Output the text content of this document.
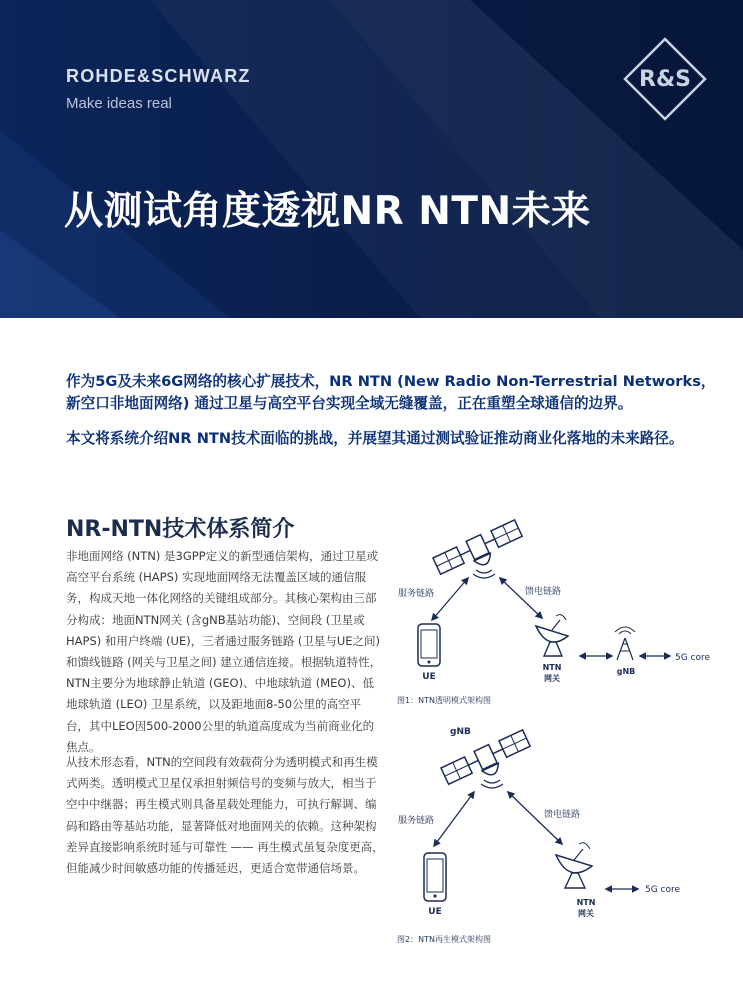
ROHDE&SCHWARZ
Make ideas real
R&S
从测试角度透视NR NTN未来

作为5G及未来6G网络的核心扩展技术，NR NTN (New Radio Non-Terrestrial Networks，新空口非地面网络) 通过卫星与高空平台实现全域无缝覆盖，正在重塑全球通信的边界。

本文将系统介绍NR NTN技术面临的挑战，并展望其通过测试验证推动商业化落地的未来路径。

NR-NTN技术体系简介

非地面网络 (NTN) 是3GPP定义的新型通信架构，通过卫星或高空平台系统 (HAPS) 实现地面网络无法覆盖区域的通信服务，构成天地一体化网络的关键组成部分。其核心架构由三部分构成：地面NTN网关 (含gNB基站功能)、空间段 (卫星或HAPS) 和用户终端 (UE)，三者通过服务链路 (卫星与UE之间) 和馈线链路 (网关与卫星之间) 建立通信连接。根据轨道特性，NTN主要分为地球静止轨道 (GEO)、中地球轨道 (MEO)、低地球轨道 (LEO) 卫星系统，以及距地面8-50公里的高空平台，其中LEO因500-2000公里的轨道高度成为当前商业化的焦点。

从技术形态看，NTN的空间段有效载荷分为透明模式和再生模式两类。透明模式卫星仅承担射频信号的变频与放大，相当于空中中继器；再生模式则具备星载处理能力，可执行解调、编码和路由等基站功能，显著降低对地面网关的依赖。这种架构差异直接影响系统时延与可靠性 —— 再生模式虽复杂度更高，但能减少时间敏感功能的传播延迟，更适合宽带通信场景。

服务链路	馈电链路
UE
NTN
网关
gNB
5G core

图1：NTN透明模式架构图

gNB
服务链路
馈电链路
UE
NTN
网关
5G core

图2：NTN再生模式架构图
